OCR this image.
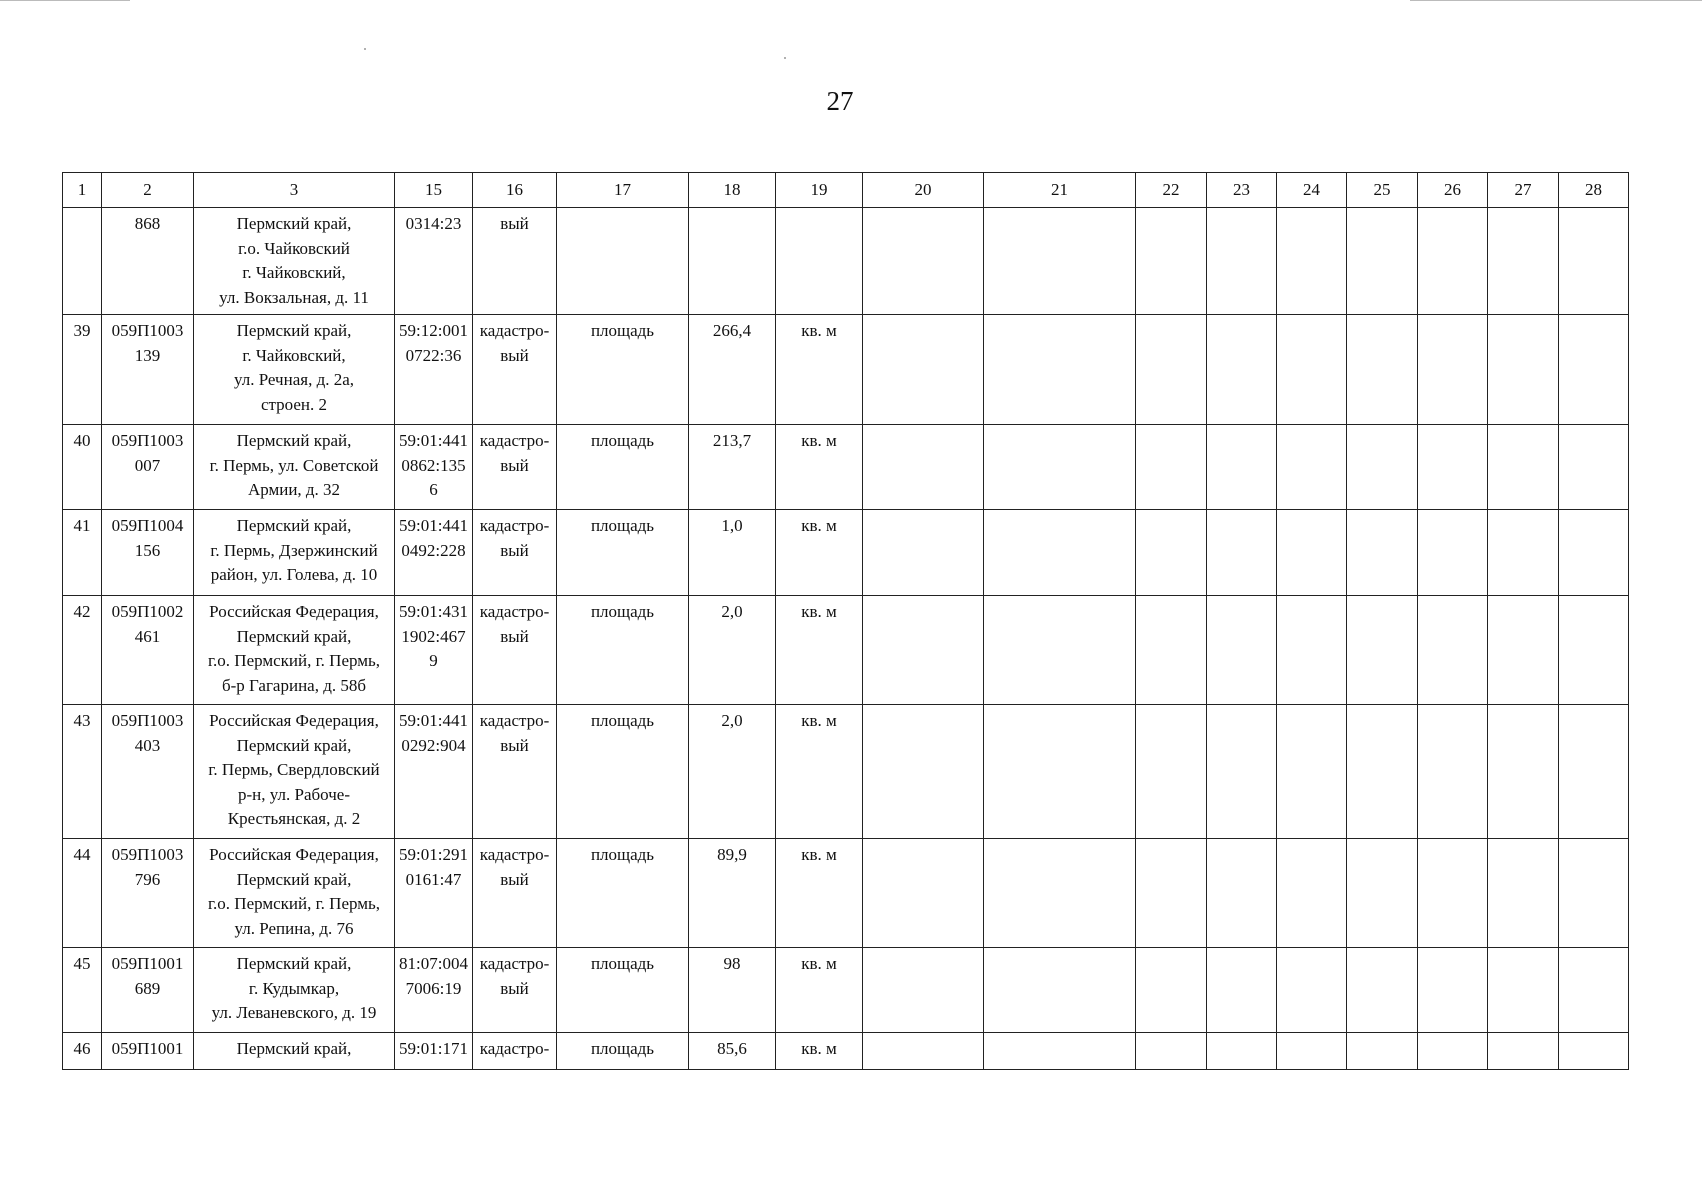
27
1	2	3	15	16	17	18	19	20	21	22	23	24	25	26	27	28
	868	Пермский край,
г.о. Чайковский
г. Чайковский,
ул. Вокзальная, д. 11	0314:23	вый												
39	059П1003
139	Пермский край,
г. Чайковский,
ул. Речная, д. 2а,
строен. 2	59:12:001
0722:36	кадастро-
вый	площадь	266,4	кв. м									
40	059П1003
007	Пермский край,
г. Пермь, ул. Советской
Армии, д. 32	59:01:441
0862:135
6	кадастро-
вый	площадь	213,7	кв. м									
41	059П1004
156	Пермский край,
г. Пермь, Дзержинский
район, ул. Голева, д. 10	59:01:441
0492:228	кадастро-
вый	площадь	1,0	кв. м									
42	059П1002
461	Российская Федерация,
Пермский край,
г.о. Пермский, г. Пермь,
б-р Гагарина, д. 58б	59:01:431
1902:467
9	кадастро-
вый	площадь	2,0	кв. м									
43	059П1003
403	Российская Федерация,
Пермский край,
г. Пермь, Свердловский
р-н, ул. Рабоче-
Крестьянская, д. 2	59:01:441
0292:904	кадастро-
вый	площадь	2,0	кв. м									
44	059П1003
796	Российская Федерация,
Пермский край,
г.о. Пермский, г. Пермь,
ул. Репина, д. 76	59:01:291
0161:47	кадастро-
вый	площадь	89,9	кв. м									
45	059П1001
689	Пермский край,
г. Кудымкар,
ул. Леваневского, д. 19	81:07:004
7006:19	кадастро-
вый	площадь	98	кв. м									
46	059П1001	Пермский край,	59:01:171	кадастро-	площадь	85,6	кв. м									
